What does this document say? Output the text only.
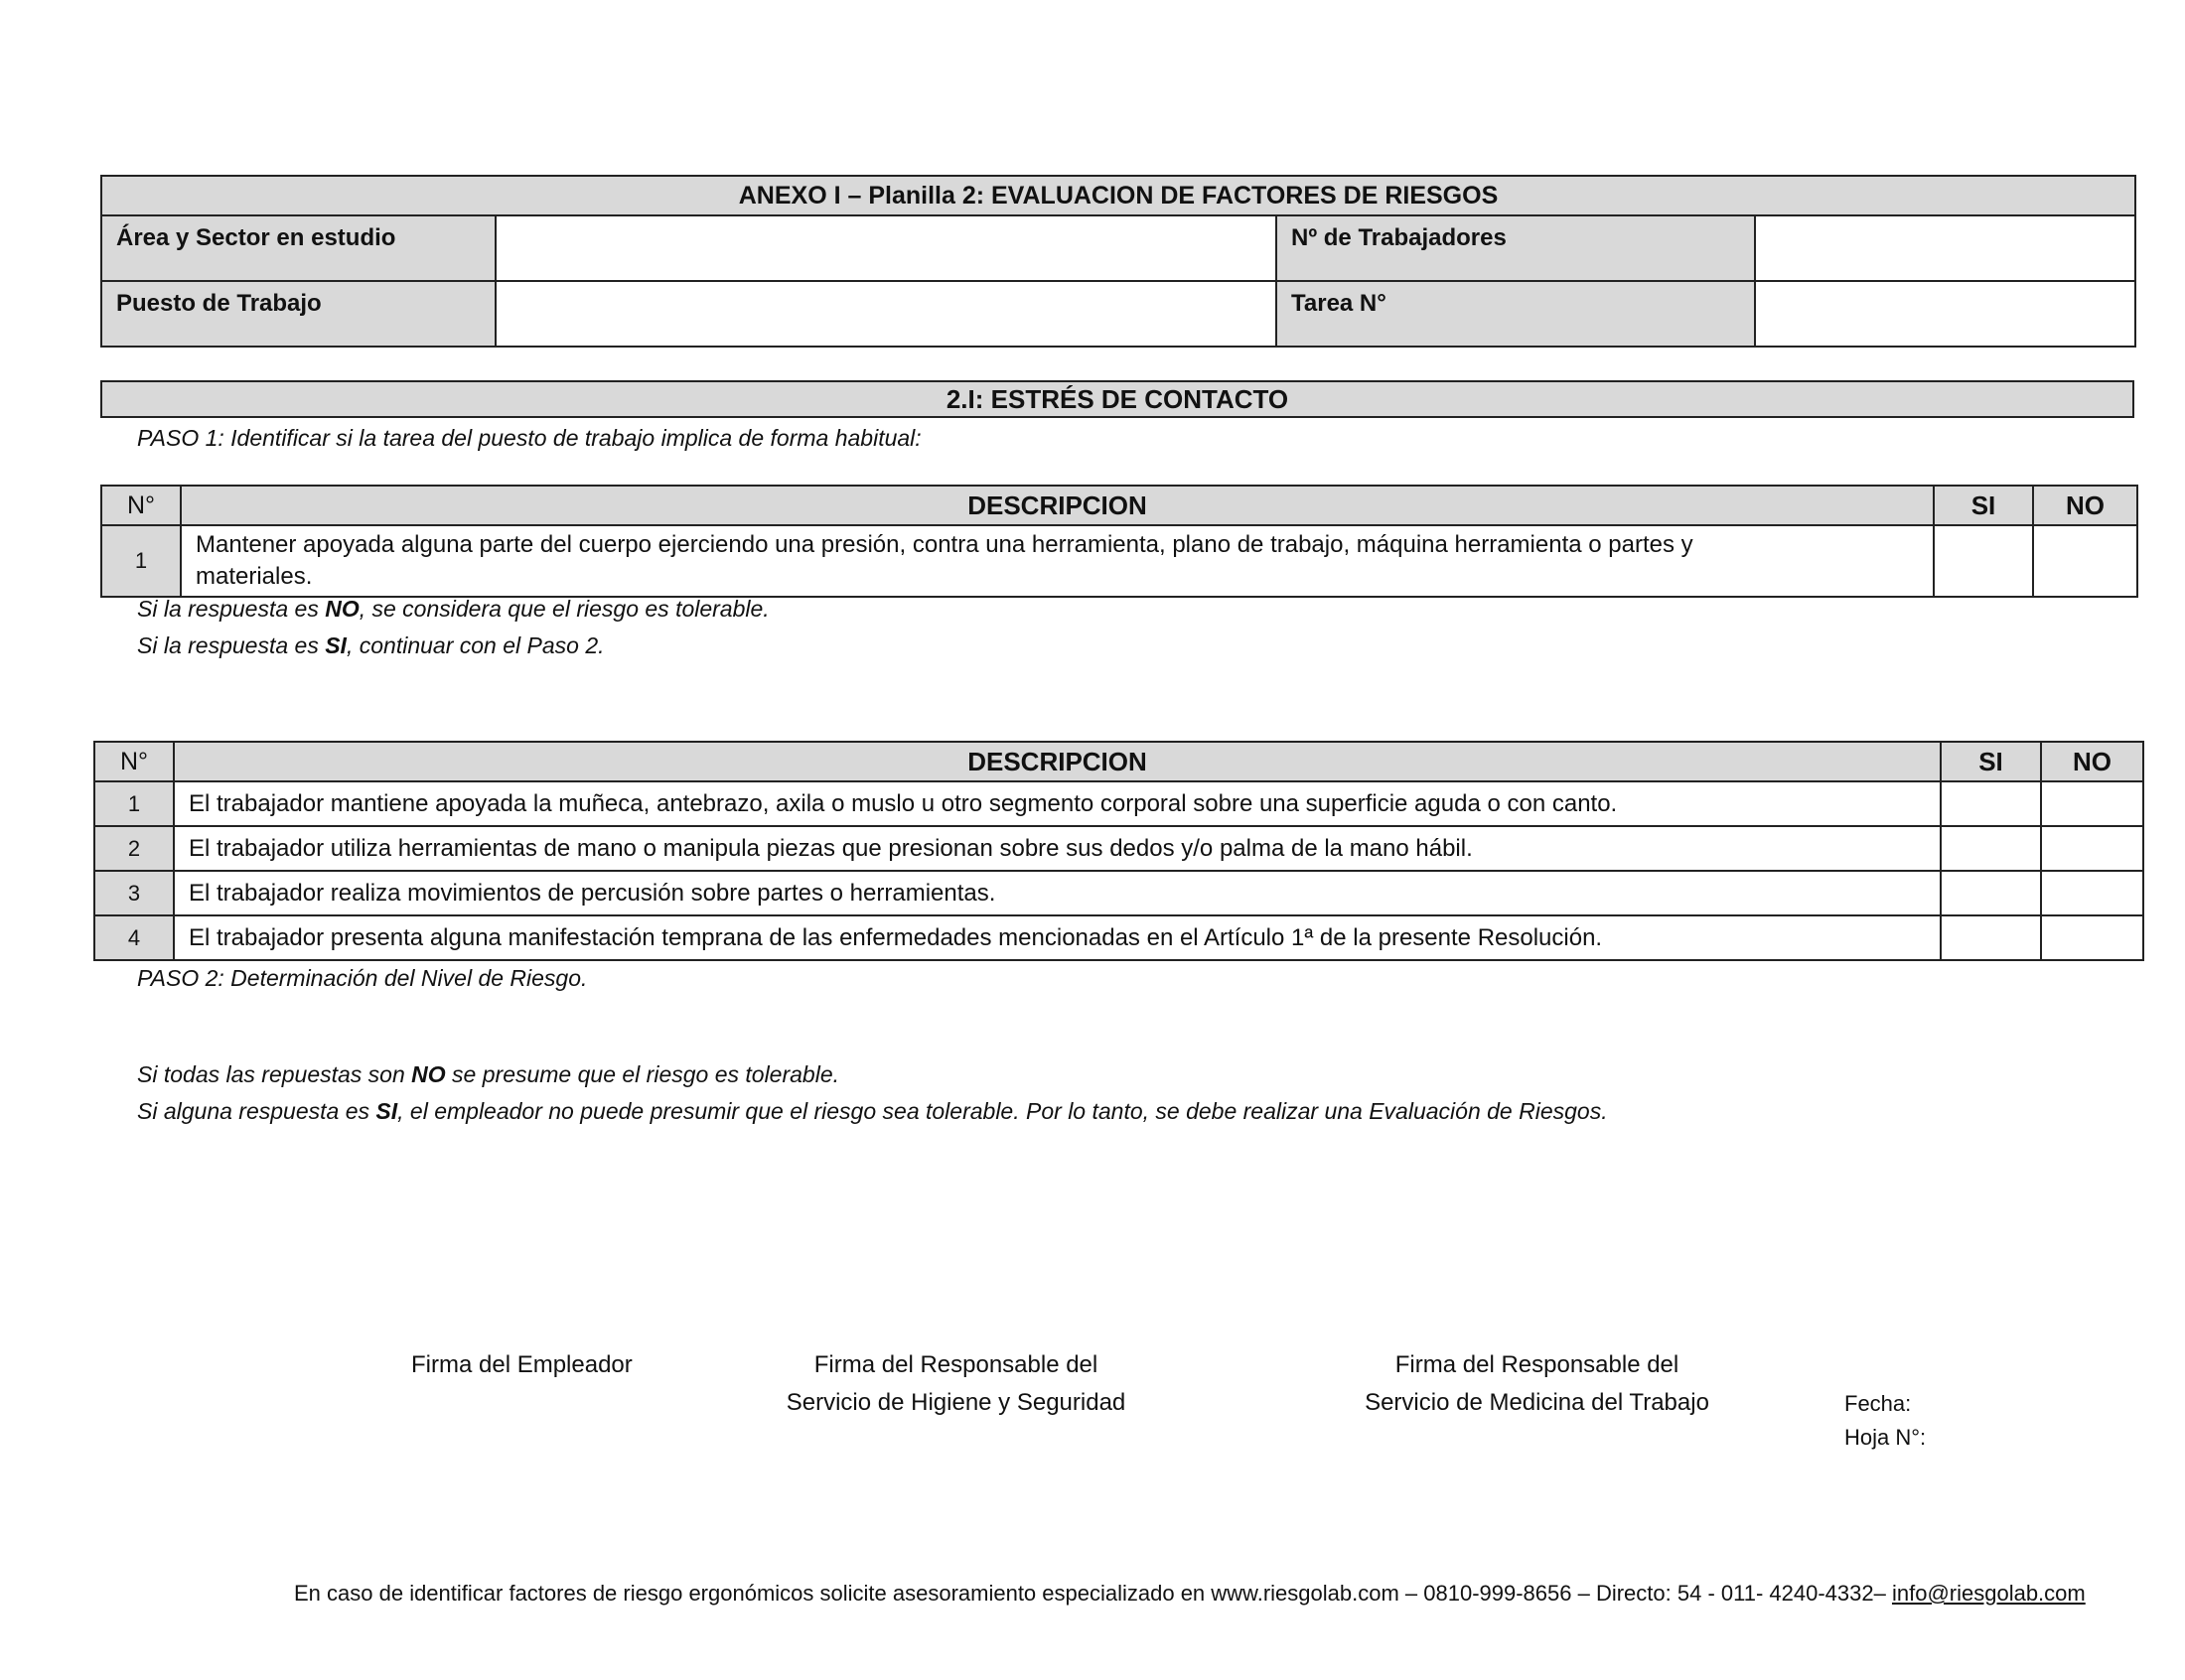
ANEXO I – Planilla 2: EVALUACION DE FACTORES DE RIESGOS			
Área y Sector en estudio		Nº de Trabajadores	
Puesto de Trabajo		Tarea N°	
2.I: ESTRÉS DE CONTACTO
PASO 1: Identificar si la tarea del puesto de trabajo implica de forma habitual:
N°	DESCRIPCION	SI	NO
1	Mantener apoyada alguna parte del cuerpo ejerciendo una presión, contra una herramienta, plano de trabajo, máquina herramienta o partes y
materiales.		
Si la respuesta es NO, se considera que el riesgo es tolerable.
Si la respuesta es SI, continuar con el Paso 2.
N°	DESCRIPCION	SI	NO
1	El trabajador mantiene apoyada la muñeca, antebrazo, axila o muslo u otro segmento corporal sobre una superficie aguda o con canto.		
2	El trabajador utiliza herramientas de mano o manipula piezas que presionan sobre sus dedos y/o palma de la mano hábil.		
3	El trabajador realiza movimientos de percusión sobre partes o herramientas.		
4	El trabajador presenta alguna manifestación temprana de las enfermedades mencionadas en el Artículo 1ª de la presente Resolución.		
PASO 2: Determinación del Nivel de Riesgo.
Si todas las repuestas son NO se presume que el riesgo es tolerable.
Si alguna respuesta es SI, el empleador no puede presumir que el riesgo sea tolerable. Por lo tanto, se debe realizar una Evaluación de Riesgos.
Firma del Empleador	Firma del Responsable del
Servicio de Higiene y Seguridad
Firma del Responsable del
Servicio de Medicina del Trabajo	Fecha:
Hoja N°:
En caso de identificar factores de riesgo ergonómicos solicite asesoramiento especializado en www.riesgolab.com – 0810-999-8656 – Directo: 54 - 011- 4240-4332– info@riesgolab.com
